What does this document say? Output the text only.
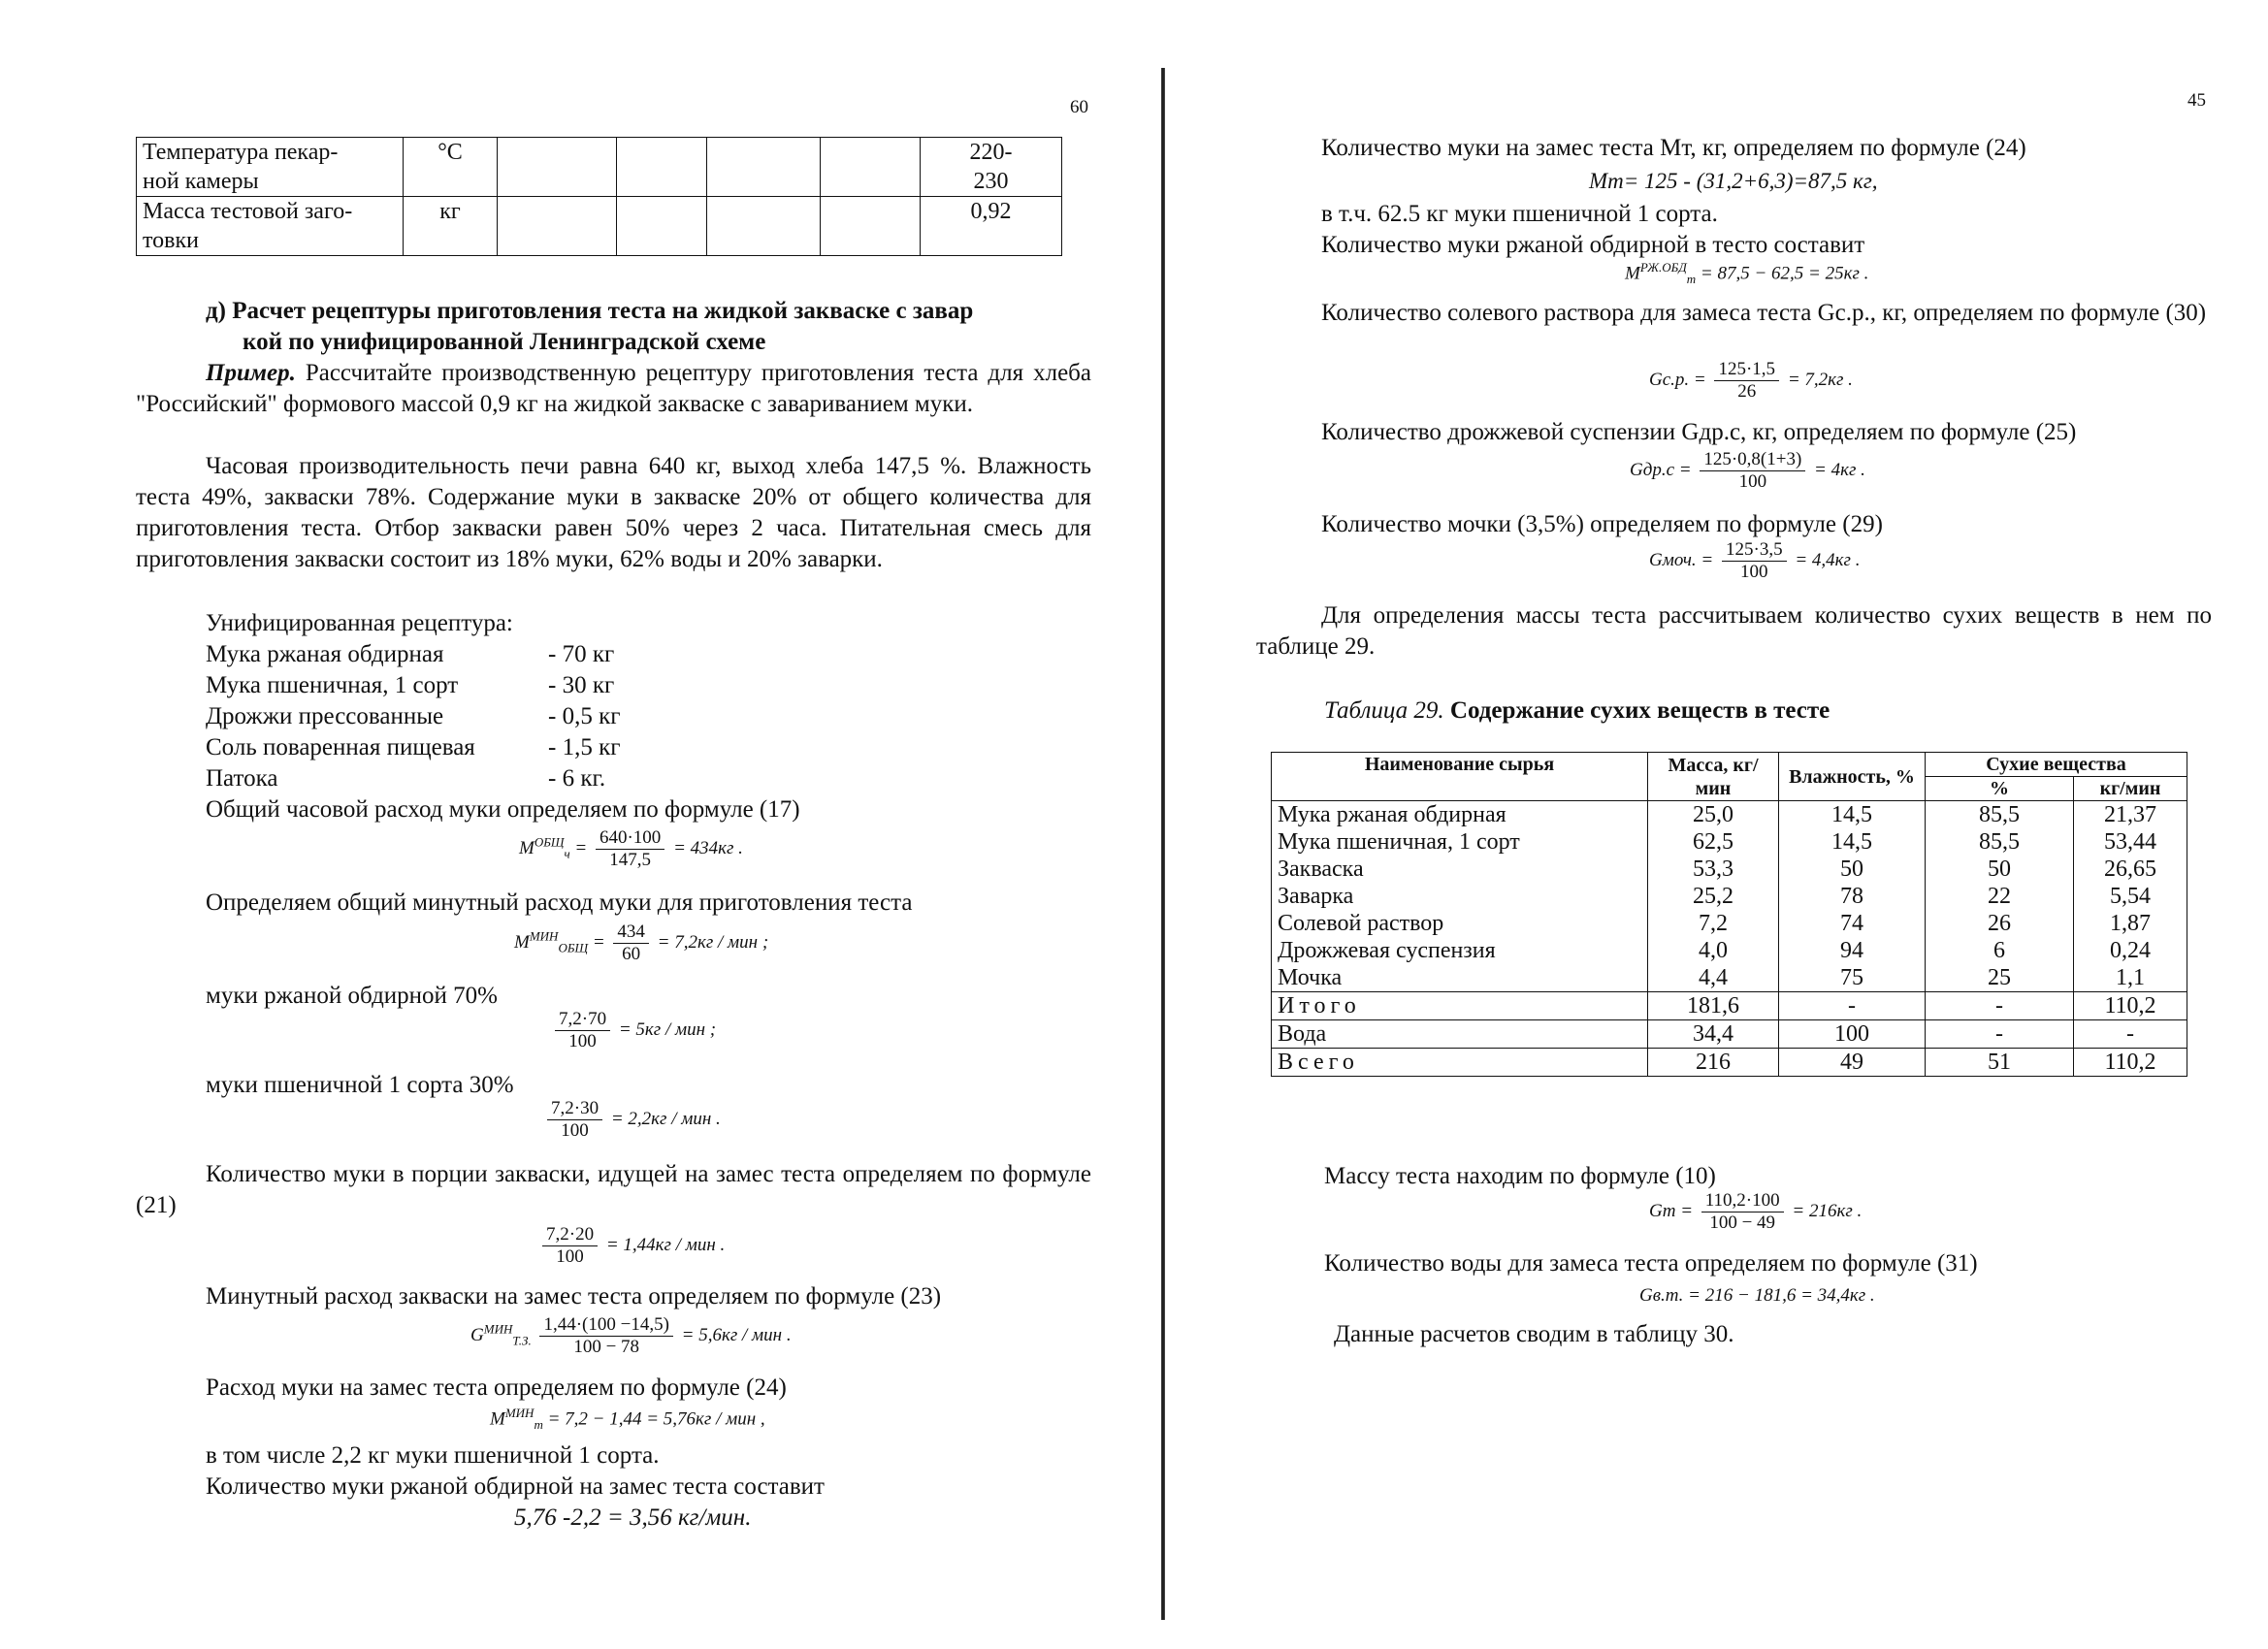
60
Температура пекар-
ной камеры	°C					220-
230
Масса тестовой заго-
товки	кг					0,92
д) Расчет рецептуры приготовления теста на жидкой закваске с завар
кой по унифицированной Ленинградской схеме
Пример. Рассчитайте производственную рецептуру приготовления теста для хлеба "Российский" формового массой 0,9 кг на жидкой закваске с завариванием муки.
Часовая производительность печи равна 640 кг, выход хлеба 147,5 %. Влажность теста 49%, закваски 78%. Содержание муки в закваске 20% от общего количества для приготовления теста. Отбор закваски равен 50% через 2 часа. Питательная смесь для приготовления закваски состоит из 18% муки, 62% воды и 20% заварки.
Унифицированная рецептура:
Мука ржаная обдирная	- 70 кг
Мука пшеничная, 1 сорт	- 30 кг
Дрожжи прессованные	- 0,5 кг
Соль поваренная пищевая	- 1,5 кг
Патока	- 6 кг.
Общий часовой расход муки определяем по формуле (17)
$M^{ОБЩ}_ч = \frac{640\cdot 100}{147,5} = 434кг$ .
Определяем общий минутный расход муки для приготовления теста
$M^{МИН}_{ОБЩ} = \frac{434}{60} = 7,2кг$ / мин ;
муки ржаной обдирной 70%
$\frac{7,2\cdot 70}{100} = 5кг$ / мин ;
муки пшеничной 1 сорта 30%
$\frac{7,2\cdot 30}{100} = 2,2кг$ / мин .
Количество муки в порции закваски, идущей на замес теста определяем по формуле (21)
$\frac{7,2\cdot 20}{100} = 1,44кг$ / мин .
Минутный расход закваски на замес теста определяем по формуле (23)
$G^{МИН}_{Т.З.} \frac{1,44\cdot(100 -14,5)}{100 - 78} = 5,6кг$ / мин .
Расход муки на замес теста определяем по формуле (24)
$M^{МИН}_т = 7,2 - 1,44 = 5,76кг$ / мин ,
в том числе 2,2 кг муки пшеничной 1 сорта.
Количество муки ржаной обдирной на замес теста составит
5,76 -2,2 = 3,56 кг/мин.
45
Количество муки на замес теста Мт, кг, определяем по формуле (24)
Мт= 125 - (31,2+6,3)=87,5 кг,
в т.ч. 62.5 кг муки пшеничной 1 сорта.
Количество муки ржаной обдирной в тесто составит
$M^{РЖ.ОБД}_т = 87,5 - 62,5 = 25кг$ .
Количество солевого раствора для замеса теста Gc.p., кг, определяем по формуле (30)
Gc.p. = $\frac{125\cdot 1,5}{26} = 7,2кг$ .
Количество дрожжевой суспензии Gдр.с, кг, определяем по формуле (25)
$Gдр.с = \frac{125\cdot 0,8(1+3)}{100} = 4кг$ .
Количество мочки (3,5%) определяем по формуле (29)
Gмоч. = $\frac{125\cdot 3,5}{100} = 4,4кг$ .
Для определения массы теста рассчитываем количество сухих веществ в нем по таблице 29.
Таблица 29. Содержание сухих веществ в тесте
Наименование сырья	Масса, кг/мин	Влажность, %	Сухие вещества	
			%	кг/мин
Мука ржаная обдирная	25,0	14,5	85,5	21,37
Мука пшеничная, 1 сорт	62,5	14,5	85,5	53,44
Закваска	53,3	50	50	26,65
Заварка	25,2	78	22	5,54
Солевой раствор	7,2	74	26	1,87
Дрожжевая суспензия	4,0	94	6	0,24
Мочка	4,4	75	25	1,1
Итого	181,6	-	-	110,2
Вода	34,4	100	-	-
Всего	216	49	51	110,2
Массу теста находим по формуле (10)
Gт = $\frac{110,2\cdot 100}{100 - 49} = 216кг$ .
Количество воды для замеса теста определяем по формуле (31)
Gв.т. = 216 − 181,6 = 34,4кг .
Данные расчетов сводим в таблицу 30.
